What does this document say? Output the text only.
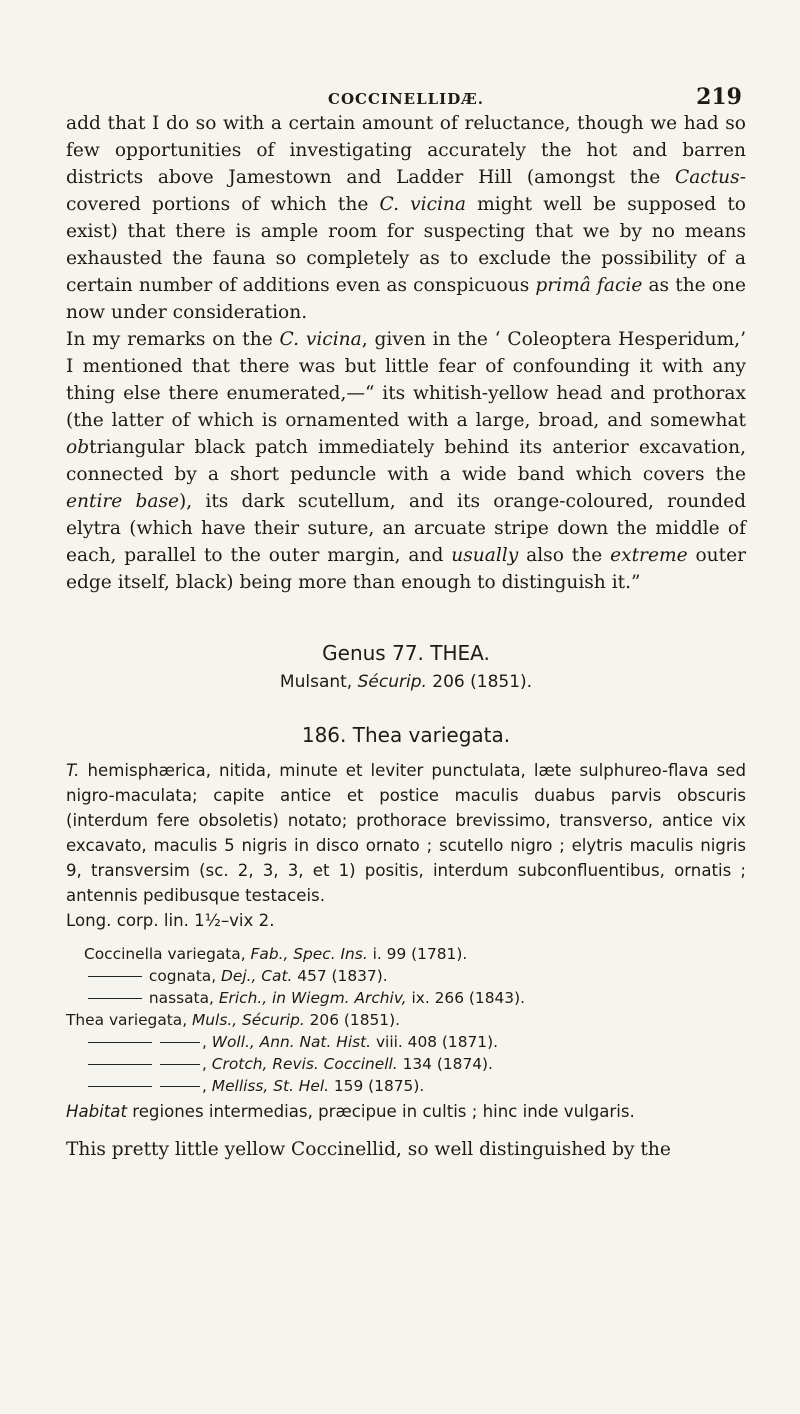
COCCINELLIDÆ.	219

add that I do so with a certain amount of reluctance, though we had so few opportunities of investigating accurately the hot and barren districts above Jamestown and Ladder Hill (amongst the Cactus-covered portions of which the C. vicina might well be supposed to exist) that there is ample room for suspecting that we by no means exhausted the fauna so completely as to exclude the possibility of a certain number of additions even as conspicuous primâ facie as the one now under consideration.

In my remarks on the C. vicina, given in the ‘ Coleoptera Hesperidum,’ I mentioned that there was but little fear of confounding it with any thing else there enumerated,—“ its whitish-yellow head and prothorax (the latter of which is ornamented with a large, broad, and somewhat obtriangular black patch immediately behind its anterior excavation, connected by a short peduncle with a wide band which covers the entire base), its dark scutellum, and its orange-coloured, rounded elytra (which have their suture, an arcuate stripe down the middle of each, parallel to the outer margin, and usually also the extreme outer edge itself, black) being more than enough to distinguish it.”

Genus 77. THEA.
Mulsant, Sécurip. 206 (1851).
186. Thea variegata.
T. hemisphærica, nitida, minute et leviter punctulata, læte sulphureo-flava sed nigro-maculata; capite antice et postice maculis duabus parvis obscuris (interdum fere obsoletis) notato; prothorace brevissimo, transverso, antice vix excavato, maculis 5 nigris in disco ornato ; scutello nigro ; elytris maculis nigris 9, transversim (sc. 2, 3, 3, et 1) positis, interdum subconfluentibus, ornatis ; antennis pedibusque testaceis.
Long. corp. lin. 1½–vix 2.
Coccinella variegata, Fab., Spec. Ins. i. 99 (1781).
cognata, Dej., Cat. 457 (1837).
nassata, Erich., in Wiegm. Archiv, ix. 266 (1843).
Thea variegata, Muls., Sécurip. 206 (1851).
, Woll., Ann. Nat. Hist. viii. 408 (1871).
, Crotch, Revis. Coccinell. 134 (1874).
, Melliss, St. Hel. 159 (1875).
Habitat regiones intermedias, præcipue in cultis ; hinc inde vulgaris.
This pretty little yellow Coccinellid, so well distinguished by the
